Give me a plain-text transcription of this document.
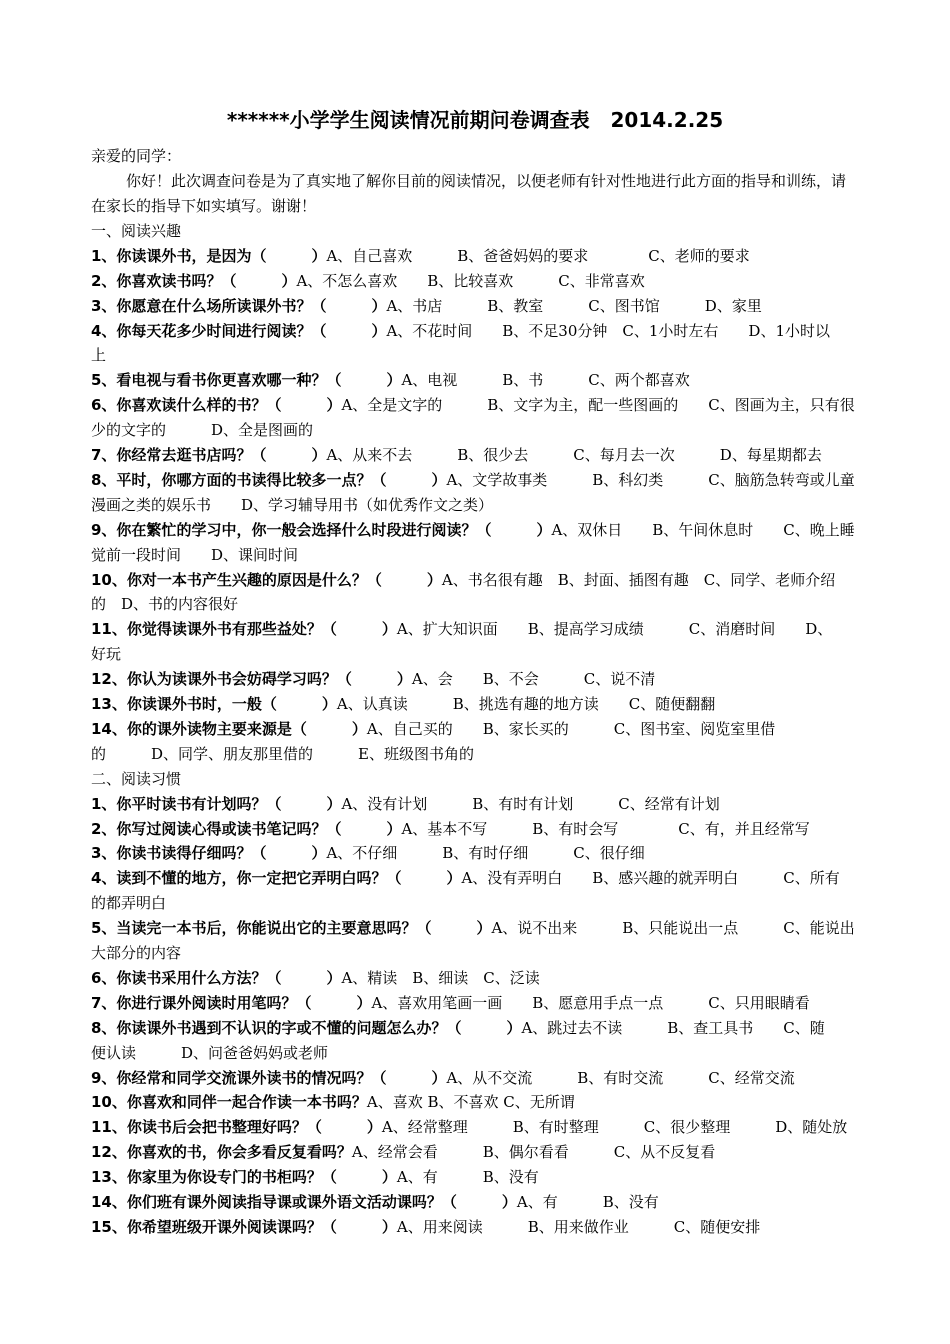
******小学学生阅读情况前期问卷调查表   2014.2.25
亲爱的同学：
你好！此次调查问卷是为了真实地了解你目前的阅读情况，以便老师有针对性地进行此方面的指导和训练，请
在家长的指导下如实填写。谢谢！
一、阅读兴趣
1、你读课外书，是因为（　　　）A、自己喜欢　　　B、爸爸妈妈的要求　　　　C、老师的要求
2、你喜欢读书吗？（　　　）A、不怎么喜欢　　B、比较喜欢　　　C、非常喜欢
3、你愿意在什么场所读课外书？（　　　）A、书店　　　B、教室　　　C、图书馆　　　D、家里
4、你每天花多少时间进行阅读？（　　　）A、不花时间　　B、不足30分钟　C、1小时左右　　D、1小时以
上
5、看电视与看书你更喜欢哪一种？（　　　）A、电视　　　B、书　　　C、两个都喜欢
6、你喜欢读什么样的书？（　　　）A、全是文字的　　　B、文字为主，配一些图画的　　C、图画为主，只有很
少的文字的　　　D、全是图画的
7、你经常去逛书店吗？（　　　）A、从来不去　　　B、很少去　　　C、每月去一次　　　D、每星期都去
8、平时，你哪方面的书读得比较多一点？（　　　）A、文学故事类　　　B、科幻类　　　C、脑筋急转弯或儿童
漫画之类的娱乐书　　D、学习辅导用书（如优秀作文之类）
9、你在繁忙的学习中，你一般会选择什么时段进行阅读？（　　　）A、双休日　　B、午间休息时　　C、晚上睡
觉前一段时间　　D、课间时间
10、你对一本书产生兴趣的原因是什么？（　　　）A、书名很有趣　B、封面、插图有趣　C、同学、老师介绍
的　D、书的内容很好
11、你觉得读课外书有那些益处？（　　　）A、扩大知识面　　B、提高学习成绩　　　C、消磨时间　　D、
好玩
12、你认为读课外书会妨碍学习吗？（　　　）A、会　　B、不会　　　C、说不清
13、你读课外书时，一般（　　　）A、认真读　　　B、挑选有趣的地方读　　C、随便翻翻
14、你的课外读物主要来源是（　　　）A、自己买的　　B、家长买的　　　C、图书室、阅览室里借
的　　　D、同学、朋友那里借的　　　E、班级图书角的
二、阅读习惯
1、你平时读书有计划吗？（　　　）A、没有计划　　　B、有时有计划　　　C、经常有计划
2、你写过阅读心得或读书笔记吗？（　　　）A、基本不写　　　B、有时会写　　　　C、有，并且经常写
3、你读书读得仔细吗？（　　　）A、不仔细　　　B、有时仔细　　　C、很仔细
4、读到不懂的地方，你一定把它弄明白吗？（　　　）A、没有弄明白　　B、感兴趣的就弄明白　　　C、所有
的都弄明白
5、当读完一本书后，你能说出它的主要意思吗？（　　　）A、说不出来　　　B、只能说出一点　　　C、能说出
大部分的内容
6、你读书采用什么方法？（　　　）A、精读　B、细读　C、泛读
7、你进行课外阅读时用笔吗？（　　　）A、喜欢用笔画一画　　B、愿意用手点一点　　　C、只用眼睛看
8、你读课外书遇到不认识的字或不懂的问题怎么办？（　　　）A、跳过去不读　　　B、查工具书　　C、随
便认读　　　D、问爸爸妈妈或老师
9、你经常和同学交流课外读书的情况吗？（　　　）A、从不交流　　　B、有时交流　　　C、经常交流
10、你喜欢和同伴一起合作读一本书吗？A、喜欢 B、不喜欢 C、无所谓
11、你读书后会把书整理好吗？（　　　）A、经常整理　　　B、有时整理　　　C、很少整理　　　D、随处放
12、你喜欢的书，你会多看反复看吗？A、经常会看　　　B、偶尔看看　　　C、从不反复看
13、你家里为你设专门的书柜吗？（　　　）A、有　　　B、没有
14、你们班有课外阅读指导课或课外语文活动课吗？（　　　）A、有　　　B、没有
15、你希望班级开课外阅读课吗？（　　　）A、用来阅读　　　B、用来做作业　　　C、随便安排
